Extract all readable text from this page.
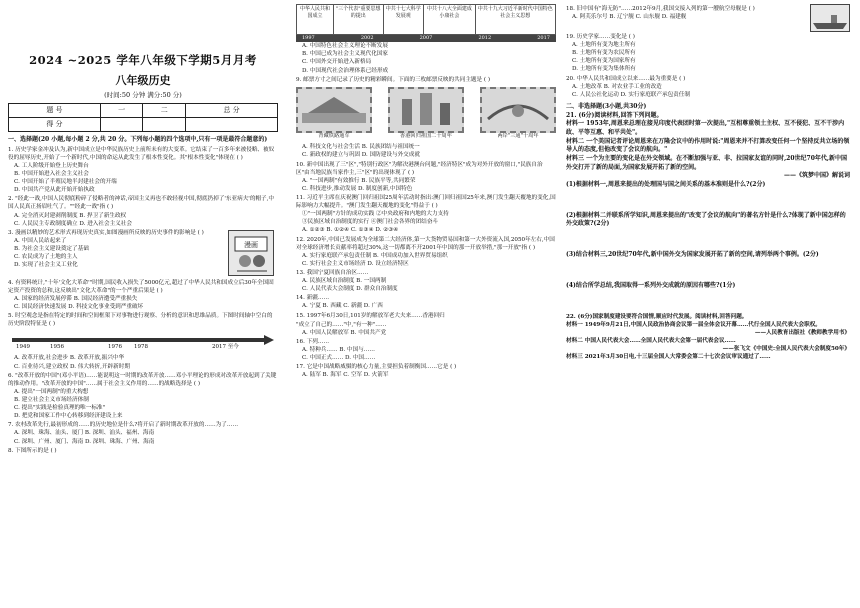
2024 ~2025 学年八年级下学期5月月考
八年级历史
(时间:50 分钟 满分:50 分)
题 号	一	二	总 分
得 分			
一、选择题(20 小题,每小题 2 分,共 20 分。下列每小题的四个选项中,只有一项是最符合题意的)
1. 历史学家金冲及认为,新中国成立是中华民族历史上前所未有的大变革。它结束了一百多年来被侵略、被奴役的屈辱历史,开始了一个新时代,中国的命运从此发生了根本性变化。其"根本性变化"体现在 ( )
A. 工人阶级开始登上历史舞台
B. 中国开始进入社会主义社会
C. 中国开始了半殖民地半封建社会的开端
D. 中国共产党从此开始开始执政
2. "经此一战,中国人民彻底粉碎了侵略者的神话,帝国主义再也不敢轻视中国,彻底扔掉了'东亚病夫'的帽子,中国人民真正扬眉吐气了。""经此一战"指 ( )
A. 完全消灭封建剥削制度 B. 捍卫了新生政权
C. 人民民主专政制度确立 D. 进入社会主义社会
3. 漫画以精妙的艺术形式再现历史真实,如图漫画所反映的历史事件的影响是 ( )
A. 中国人民站起来了
B. 为社会主义建设奠定了基础
C. 农民成为了土地的主人
D. 实现了社会主义工业化
漫画
4. 有资料统计,"十年'文化大革命'"时期,国民收入损失了5000亿元,超过了中华人民共和国成立后30年全国固定资产投资的总和,这反映出"文化大革命"的一个严重后果是 ( )
A. 国家的经济发展停滞 B. 国民经济遭受严重损失
C. 国民经济快速发展 D. 科技文化事业受到严重破坏
5. 时空观念是指在特定的时间和空间框架下对事物进行观察、分析的意识和思维品质。下图时间轴中空白的历史阶段特征是 ( )
1949	1956	1976 1978	2017 至今
A. 改革开放,社会进步 B. 改革开放,振兴中华
C. 百业待兴,建立政权 D. 伟大转折,开辟新时期
6. "改革开放的中国"(邓小平语)……能说明这一时期的改革开放……邓小平理论的形成对改革开放起到了关键的推动作用。"改革开放的中国"……属于社会主义作用的……的战略选择是 ( )
A. 提出"一国两制"的重大构想
B. 建立社会主义市场经济体制
C. 提出"实践是检验真理的唯一标准"
D. 把党和国家工作中心转移到经济建设上来
7. 农村改革先行,最初形成的……的历史地位是什么?将开启了新时期改革开放的……为了……
A. 深圳、珠海、汕头、厦门 B. 深圳、汕头、福州、海南
C. 深圳、广州、厦门、海南 D. 深圳、珠海、广州、海南
8. 下图所示的是 ( )
中华人民共和国成立	"三个代表"重要思想的提出	中共十七大科学发展观	中共十八大全面建成小康社会	中共十九大习近平新时代中国特色社会主义思想
1997	2002	2007	2012	2017
A. 中国特色社会主义理论不断发展
B. 中国已成为社会主义现代化国家
C. 中国外交开始进入新格局
D. 中国现代社会治理体系已经形成
9. 邮票方寸之间记录了历史的精彩瞬间。下面的三枚邮票反映的共同主题是 ( )
青藏铁路通车	香港回归祖国二十周年	两岸"三通"十周年
A. 科技文化与社会生活 B. 民族团结与祖国统一
C. 新政权的建立与巩固 D. 国防建设与外交成就
10. 新中国出现了三"区","特别行政区"为解决港澳台问题,"经济特区"成为对外开放的窗口,"民族自治区"由当地民族当家作主,三"区"的出现体现了 ( )
A. "一国两制"有效推行 B. 民族平等,共同繁荣
C. 科技进步,推动发展 D. 制度创新,中国特色
11. 习近平主席在庆祝澳门回归祖国25周年活动时指出:澳门回归祖国25年来,澳门发生翻天覆地的变化,国际影响力大幅提升。"澳门发生翻天覆地的变化"得益于 ( )
①"一国两制"方针的成功实践 ②中央政府和内地的大力支持
③民族区域自治制度的实行 ④澳门社会各界的团结奋斗
A. ①②③ B. ①②④ C. ①③④ D. ②③④
12. 2020年,中国已发展成为全球第二大经济体,第一大货物贸易国和第一大外资流入国,2050年左右,中国对全球经济增长贡献率将超过30%,这一切都离不开2001年中国的那一开放举措,"那一开放"指 ( )
A. 实行家庭联产承包责任制 B. 中国成功加入世界贸易组织
C. 实行社会主义市场经济 D. 设立经济特区
13. 我国宁夏回族自治区……
A. 民族区域自治制度 B. 一国两制
C. 人民代表大会制度 D. 群众自治制度
14. 新疆……
A. 宁夏 B. 西藏 C. 新疆 D. 广西
15. 1997年6月30日,101岁的解放军老大夫来……香港回归
"成立了自己的……"中,"有一种"……
A. 中国人民解放军 B. 中国共产党
16. 下列……
A. 特种兵…… B. 中国与……
C. 中国正式…… D. 中国……
17. 它是中国战略威慑的核心力量,主要担负着制衡国……它是 ( )
A. 陆军 B. 海军 C. 空军 D. 火箭军
18. 旧中国有"海无防"……2012年9月,我国交接入列的第一艘航空母舰是 ( )
A. 阿芙乐尔号 B. 辽宁舰 C. 山东舰 D. 福建舰
19. 历史学家……变化是 ( )
A. 土地所有变为地主所有
B. 土地所有变为农民所有
C. 土地所有变为国家所有
D. 土地所有变为集体所有
20. 中华人民共和国成立以来……最为重要是 ( )
A. 土地改革 B. 对农业手工业的改造
C. 人民公社化运动 D. 实行家庭联产承包责任制
二、非选择题(3小题,共30分)
21. (6分)阅读材料,回答下列问题。
材料一 1953年,周恩来总理在接见印度代表团时第一次提出,"互相尊重领土主权、互不侵犯、互不干涉内政、平等互惠、和平共处"。
材料二 一个美国记者评论周恩来在万隆会议中的作用时说:"周恩来并不打算改变任何一个坚持反共立场的领导人的态度,但他改变了会议的航向。"
材料三 一个为主要的变化是在外交领域。在不断加强与亚、非、拉国家友谊的同时,20世纪70年代,新中国外交打开了新的局面,为国家发展开拓了新的空间。
——《筑梦中国》解说词
(1)根据材料一,周恩来提出的处理国与国之间关系的基本准则是什么?(2分)
(2)根据材料二并联系所学知识,周恩来提出的"改变了会议的航向"的著名方针是什么?体现了新中国怎样的外交政策?(2分)
(3)结合材料三,20世纪70年代,新中国外交为国家发展开拓了新的空间,请列举两个事例。(2分)
(4)结合所学总结,我国取得一系列外交成就的原因有哪些?(1分)
22. (6分)国家制度建设要符合国情,顺应时代发展。阅读材料,回答问题。
材料一 1949年9月21日,中国人民政治协商会议第一届全体会议开幕……代行全国人民代表大会职权。
——人民教育出版社《教师教学用书》
材料二 中国人民代表大会……全国人民代表大会第一届代表会议……
——张飞文《中国史:全国人民代表大会制度50年》
材料三 2021年3月30日电,十三届全国人大常委会第二十七次会议审议通过了……
